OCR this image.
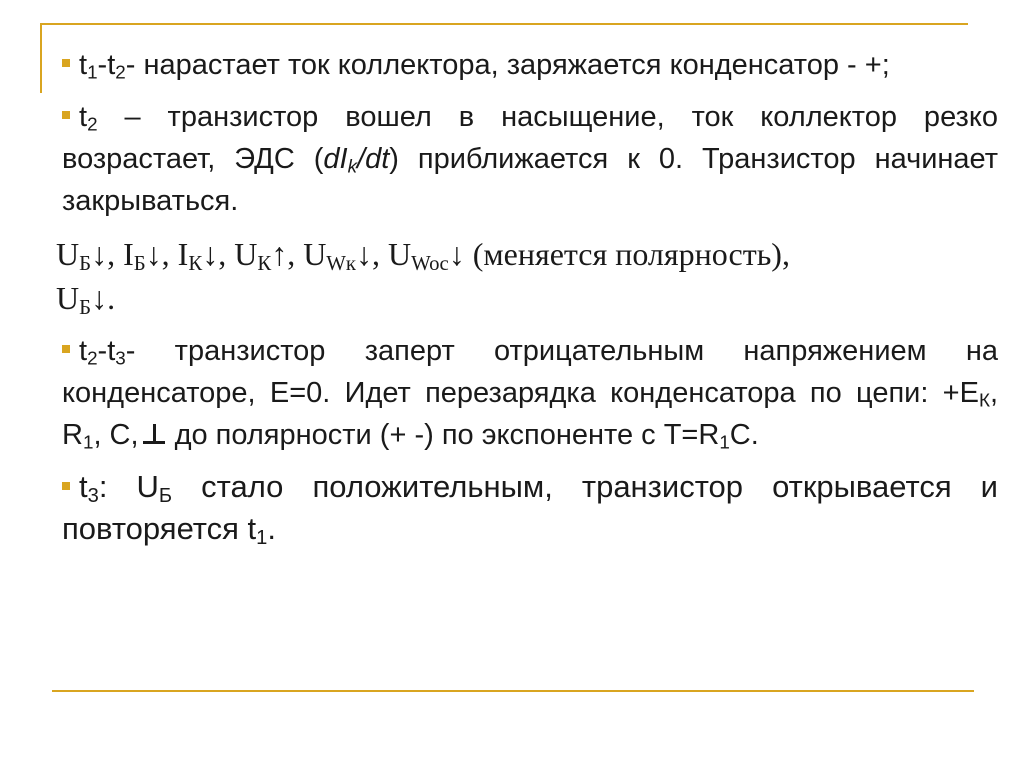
$t_1-t_2-$ нарастает ток коллектора, заряжается конденсатор - +;

$t_2$ – транзистор вошел в насыщение, ток коллектор резко возрастает, ЭДС $(dI_k/dt)$ приближается к 0. Транзистор начинает закрываться.

$U_Б↓$, $I_Б↓$, $I_К↓$, $U_К↑$, $U_{Wк}↓$, $U_{Woc}↓$ (меняется полярность),
$U_Б↓$.

$t_2-t_3-$ транзистор заперт отрицательным напряжением на конденсаторе, Е=0. Идет перезарядка конденсатора по цепи: $+Е_К$, $R_1$, С, до полярности (+ -) по экспоненте с $Т=R_1С$.

$t_3$: $U_Б$ стало положительным, транзистор открывается и повторяется $t_1$.
